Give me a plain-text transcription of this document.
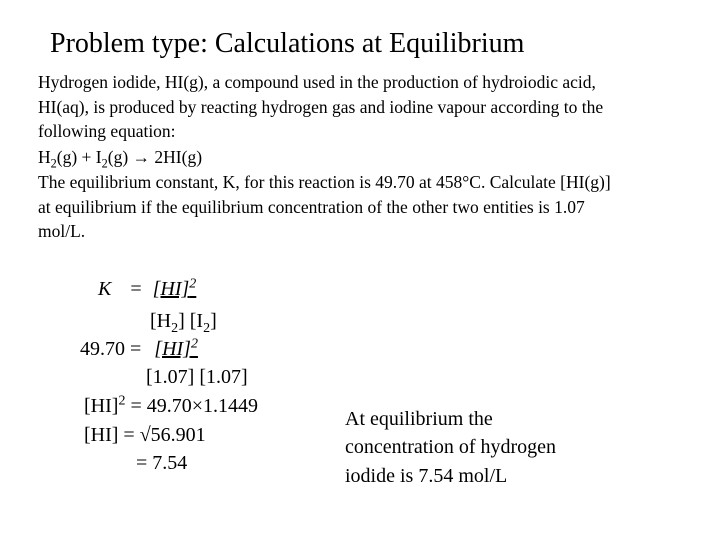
Problem type: Calculations at Equilibrium
Hydrogen iodide, HI(g), a compound used in the production of hydroiodic acid,
HI(aq), is produced by reacting hydrogen gas and iodine vapour according to the
following equation:
$H_2(g) + I_2(g) \to 2HI(g)$
The equilibrium constant, K, for this reaction is 49.70 at 458°C. Calculate [HI(g)]
at equilibrium if the equilibrium concentration of the other two entities is 1.07
mol/L.
K = [HI]$^2$
$[H_2]$ $[I_2]$
49.70 = [HI]$^2$
[1.07] [1.07]
[HI]$^2$ = 49.70×1.1449
[HI] = √56.901
= 7.54
At equilibrium the
concentration of hydrogen
iodide is 7.54 mol/L
